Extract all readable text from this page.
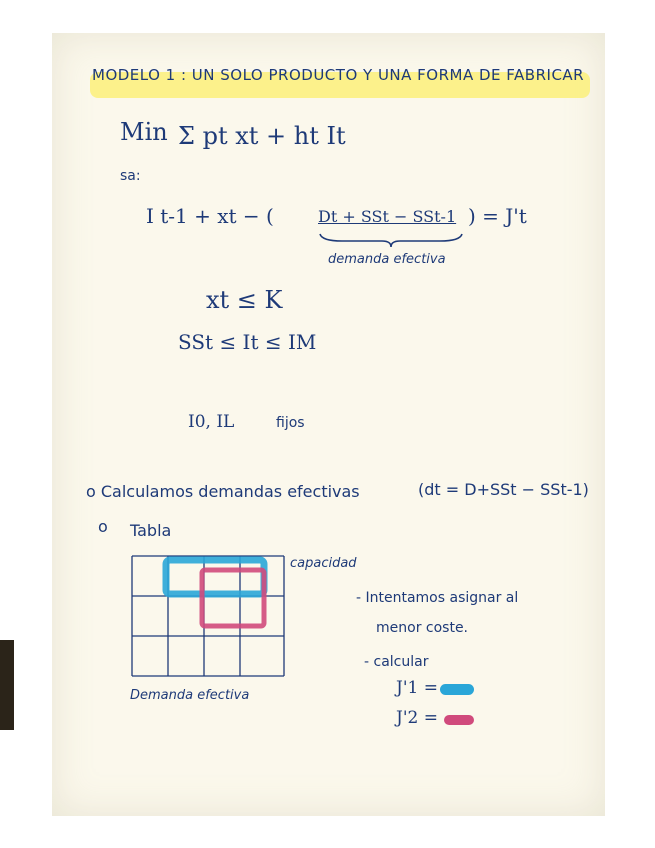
MODELO 1 : UN SOLO PRODUCTO Y UNA FORMA DE FABRICAR
Min Σ pt xt + ht It
sa:
I t-1 + xt − (	Dt + SSt − SSt-1 ) = J't
demanda efectiva
xt ≤ K
SSt ≤ It ≤ IM
I0, IL	fijos
o Calculamos demandas efectivas	(dt = D+SSt − SSt-1)
o Tabla
capacidad
Demanda efectiva
- Intentamos asignar al
menor coste.
- calcular
J'1 =
J'2 =
